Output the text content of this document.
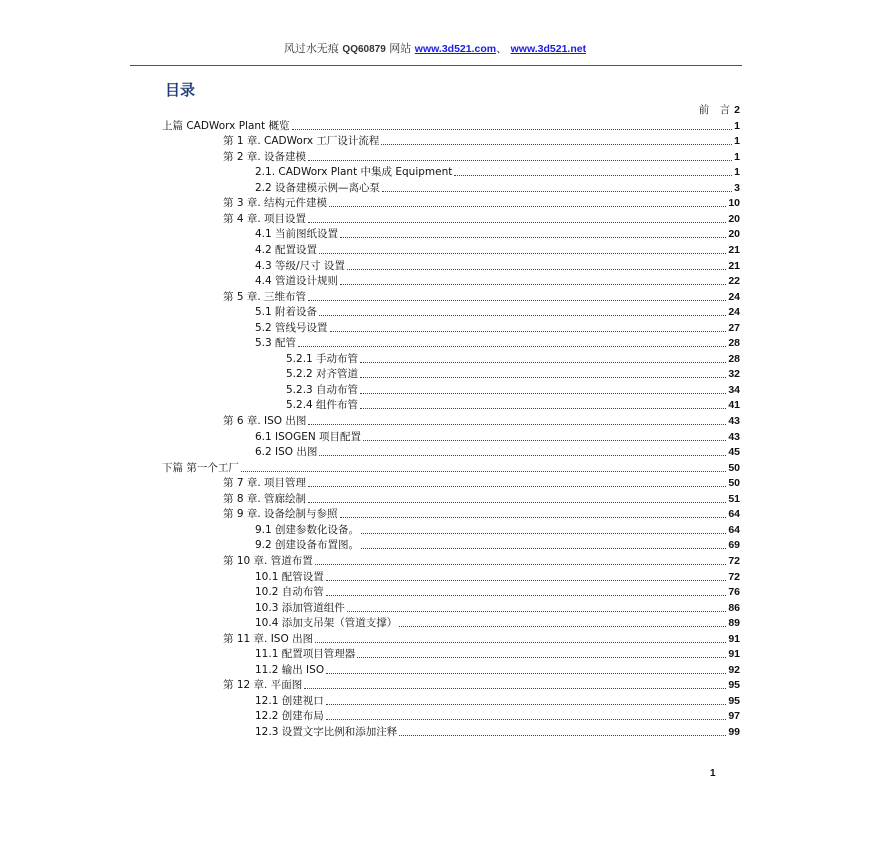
风过水无痕 QQ60879 网站 www.3d521.com、 www.3d521.net
目录
前　言 2
上篇 CADWorx Plant 概览	1
第 1 章. CADWorx 工厂设计流程	1
第 2 章. 设备建模	1
2.1. CADWorx Plant 中集成 Equipment	1
2.2 设备建模示例—离心泵	3
第 3 章. 结构元件建模	10
第 4 章. 项目设置	20
4.1 当前图纸设置	20
4.2 配置设置	21
4.3 等级/尺寸 设置	21
4.4 管道设计规则	22
第 5 章. 三维布管	24
5.1 附着设备	24
5.2 管线号设置	27
5.3 配管	28
5.2.1 手动布管	28
5.2.2 对齐管道	32
5.2.3 自动布管	34
5.2.4 组件布管	41
第 6 章. ISO 出图	43
6.1 ISOGEN 项目配置	43
6.2 ISO 出图	45
下篇 第一个工厂	50
第 7 章. 项目管理	50
第 8 章. 管廊绘制	51
第 9 章. 设备绘制与参照	64
9.1 创建参数化设备。	64
9.2 创建设备布置图。	69
第 10 章. 管道布置	72
10.1 配管设置	72
10.2 自动布管	76
10.3 添加管道组件	86
10.4 添加支吊架（管道支撑）	89
第 11 章. ISO 出图	91
11.1 配置项目管理器	91
11.2 输出 ISO	92
第 12 章. 平面图	95
12.1 创建视口	95
12.2 创建布局	97
12.3 设置文字比例和添加注释	99
1
